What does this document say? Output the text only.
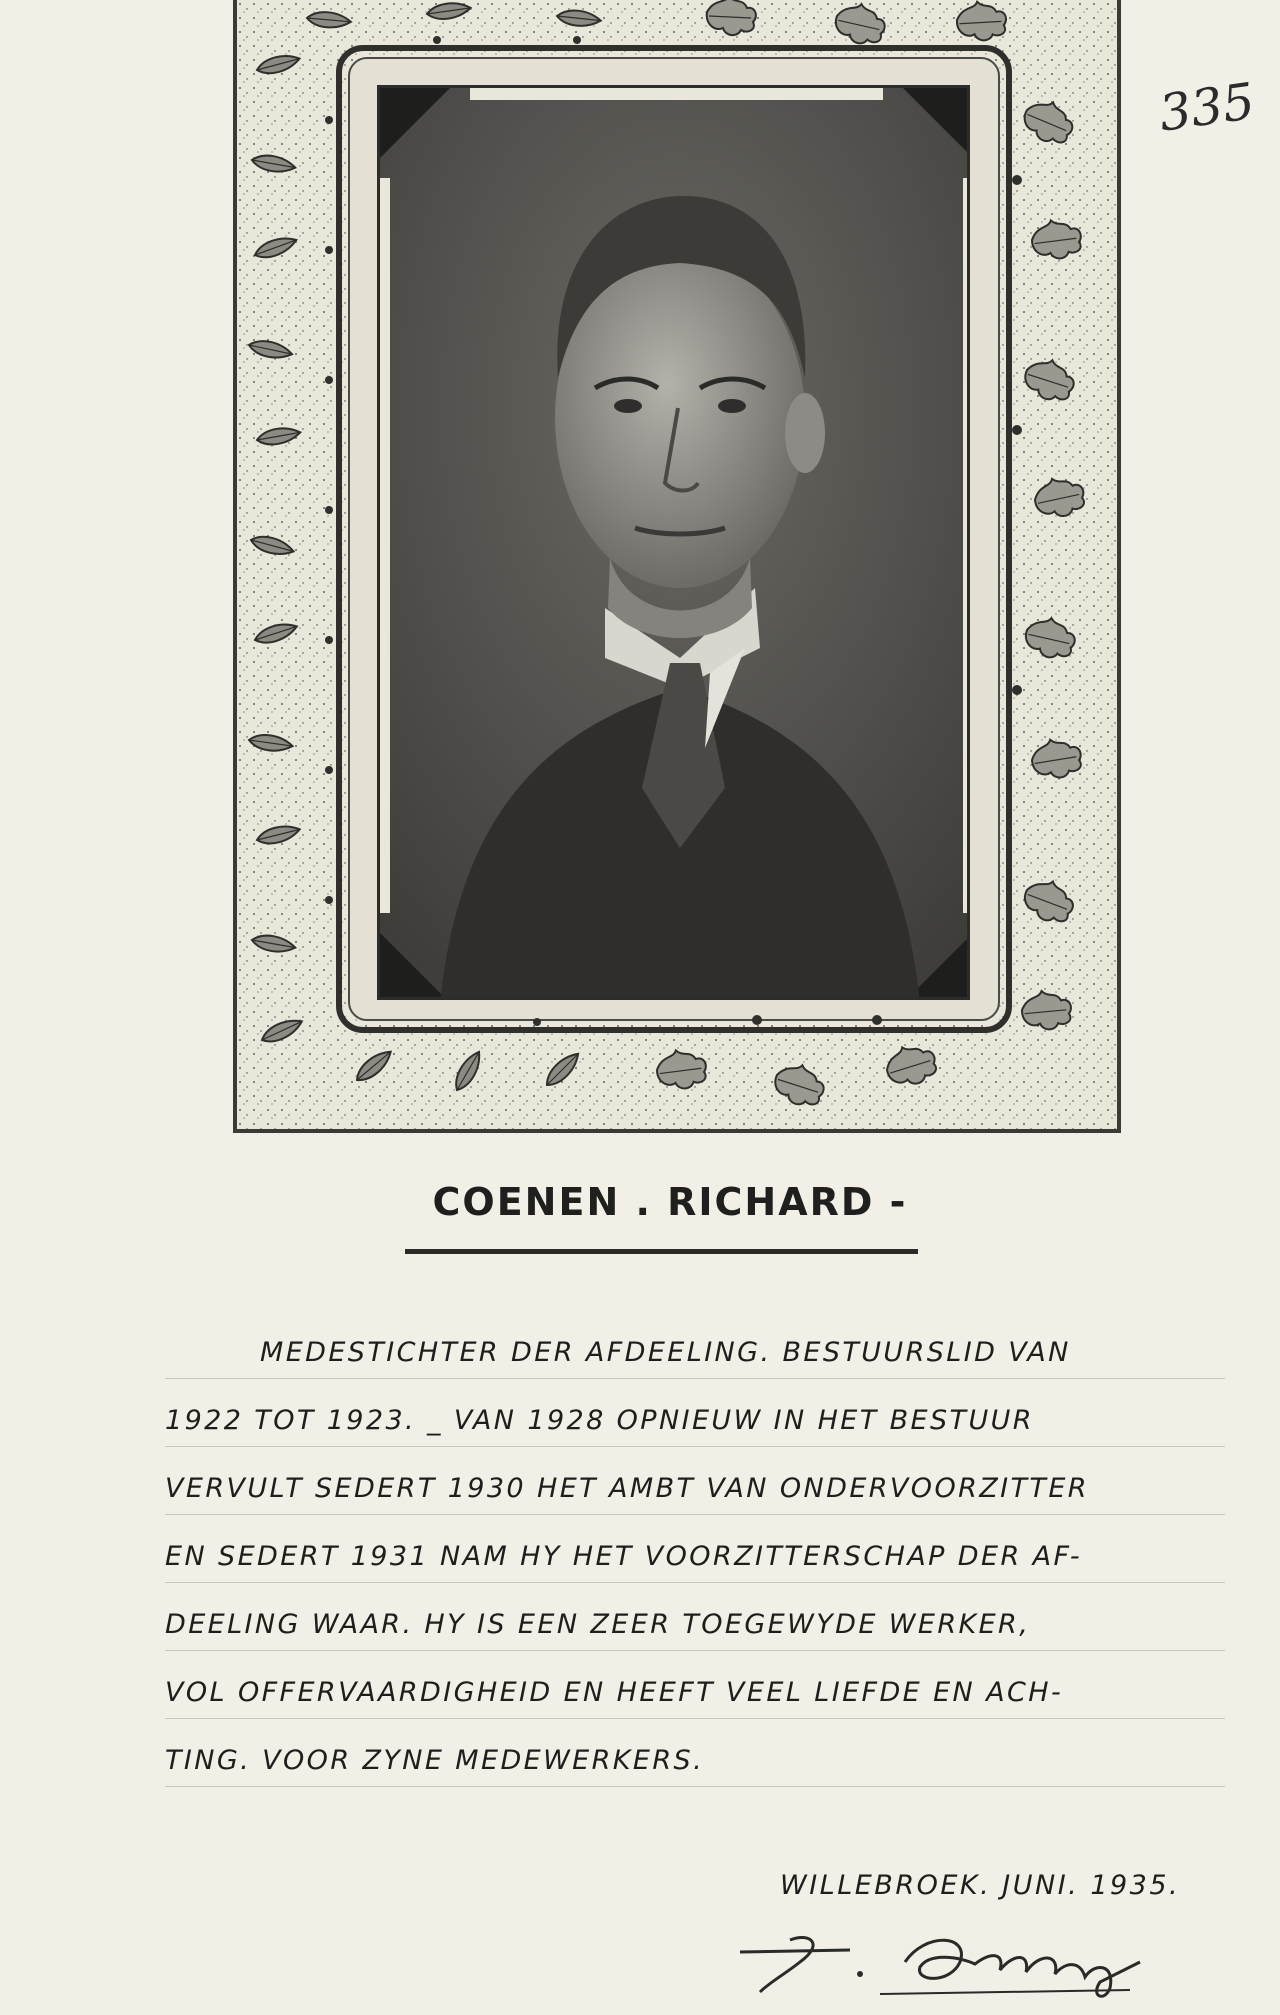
335
COENEN . RICHARD -
MEDESTICHTER DER AFDEELING. BESTUURSLID VAN
1922 TOT 1923. _ VAN 1928 OPNIEUW IN HET BESTUUR
VERVULT SEDERT 1930 HET AMBT VAN ONDERVOORZITTER
EN SEDERT 1931 NAM HY HET VOORZITTERSCHAP DER AF-
DEELING WAAR. HY IS EEN ZEER TOEGEWYDE WERKER,
VOL OFFERVAARDIGHEID EN HEEFT VEEL LIEFDE EN ACH-
TING. VOOR ZYNE MEDEWERKERS.
WILLEBROEK. JUNI. 1935.
